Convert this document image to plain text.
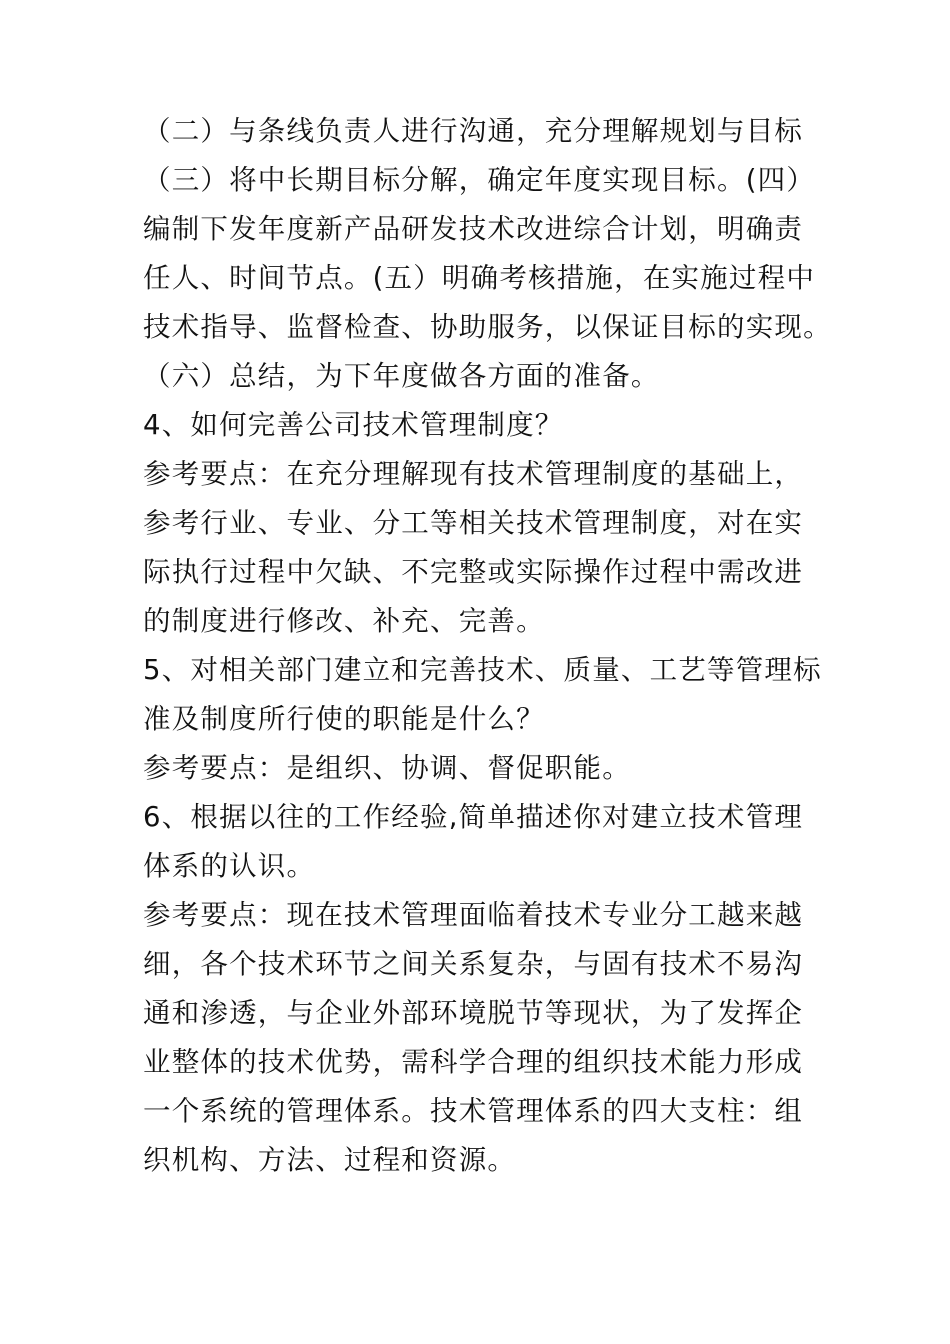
（二）与条线负责人进行沟通，充分理解规划与目标
（三）将中长期目标分解，确定年度实现目标。(四）
编制下发年度新产品研发技术改进综合计划，明确责
任人、时间节点。(五）明确考核措施，在实施过程中
技术指导、监督检查、协助服务，以保证目标的实现。
（六）总结，为下年度做各方面的准备。
4、如何完善公司技术管理制度？
参考要点：在充分理解现有技术管理制度的基础上，
参考行业、专业、分工等相关技术管理制度，对在实
际执行过程中欠缺、不完整或实际操作过程中需改进
的制度进行修改、补充、完善。
5、对相关部门建立和完善技术、质量、工艺等管理标
准及制度所行使的职能是什么？
参考要点：是组织、协调、督促职能。
6、根据以往的工作经验,简单描述你对建立技术管理
体系的认识。
参考要点：现在技术管理面临着技术专业分工越来越
细，各个技术环节之间关系复杂，与固有技术不易沟
通和渗透，与企业外部环境脱节等现状，为了发挥企
业整体的技术优势，需科学合理的组织技术能力形成
一个系统的管理体系。技术管理体系的四大支柱：组
织机构、方法、过程和资源。
